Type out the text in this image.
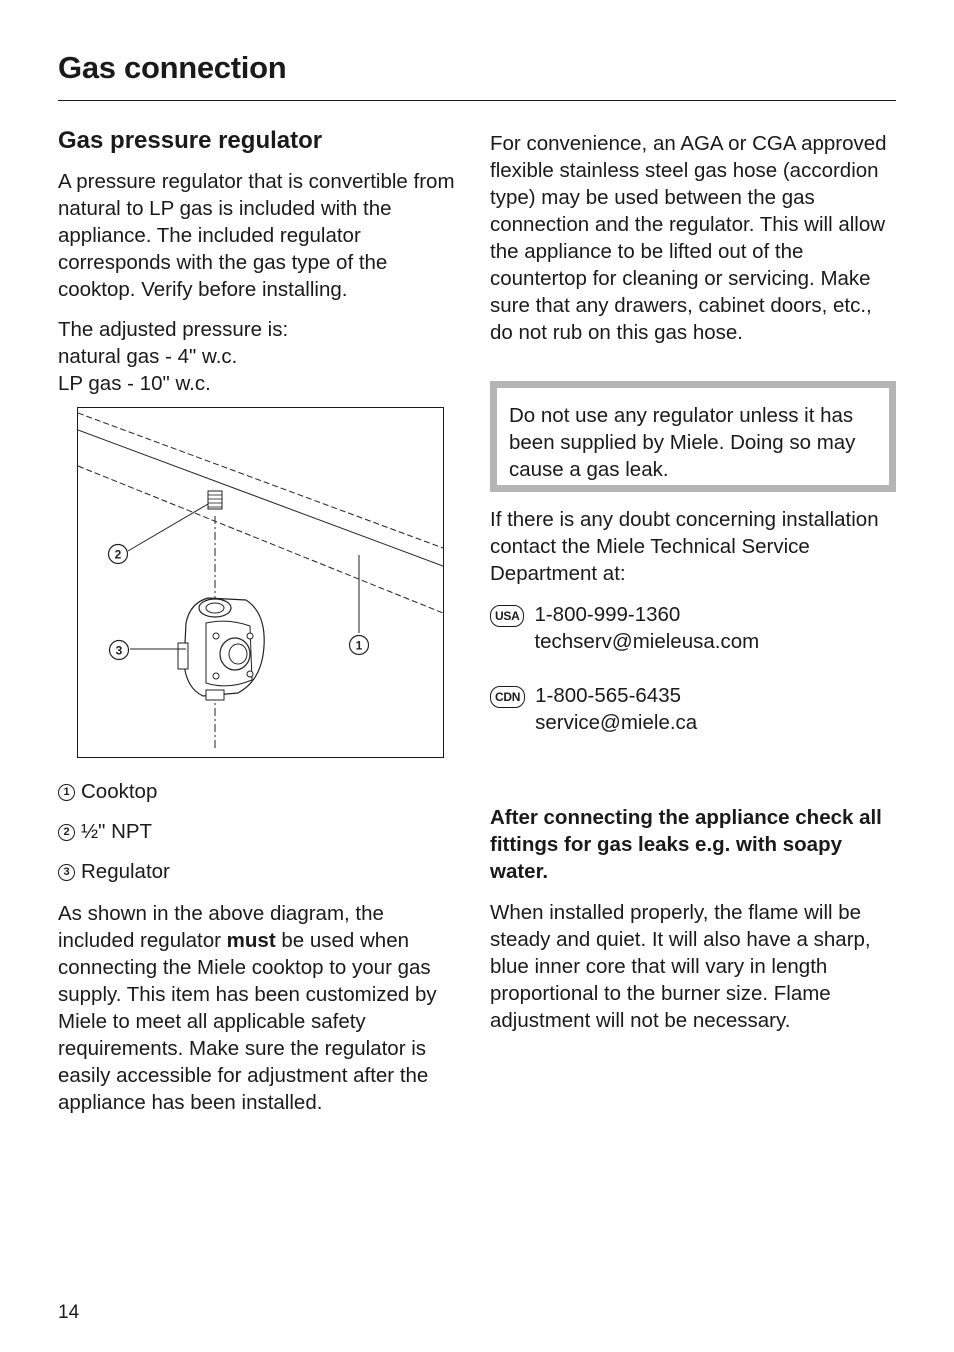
Gas connection
Gas pressure regulator

A pressure regulator that is convertible from natural to LP gas is included with the appliance. The included regulator corresponds with the gas type of the cooktop. Verify before installing.

The adjusted pressure is:

natural gas - 4" w.c.

LP gas - 10" w.c.

2
3	1
1 Cooktop
2 ½" NPT
3 Regulator

As shown in the above diagram, the included regulator must be used when connecting the Miele cooktop to your gas supply. This item has been customized by Miele to meet all applicable safety requirements. Make sure the regulator is easily accessible for adjustment after the appliance has been installed.

For convenience, an AGA or CGA approved flexible stainless steel gas hose (accordion type) may be used between the gas connection and the regulator. This will allow the appliance to be lifted out of the countertop for cleaning or servicing. Make sure that any drawers, cabinet doors, etc., do not rub on this gas hose.

Do not use any regulator unless it has been supplied by Miele. Doing so may cause a gas leak.

If there is any doubt concerning installation contact the Miele Technical Service Department at:

USA 1-800-999-1360

techserv@mieleusa.com

CDN 1-800-565-6435

service@miele.ca

After connecting the appliance check all fittings for gas leaks e.g. with soapy water.

When installed properly, the flame will be steady and quiet. It will also have a sharp, blue inner core that will vary in length proportional to the burner size. Flame adjustment will not be necessary.

14
